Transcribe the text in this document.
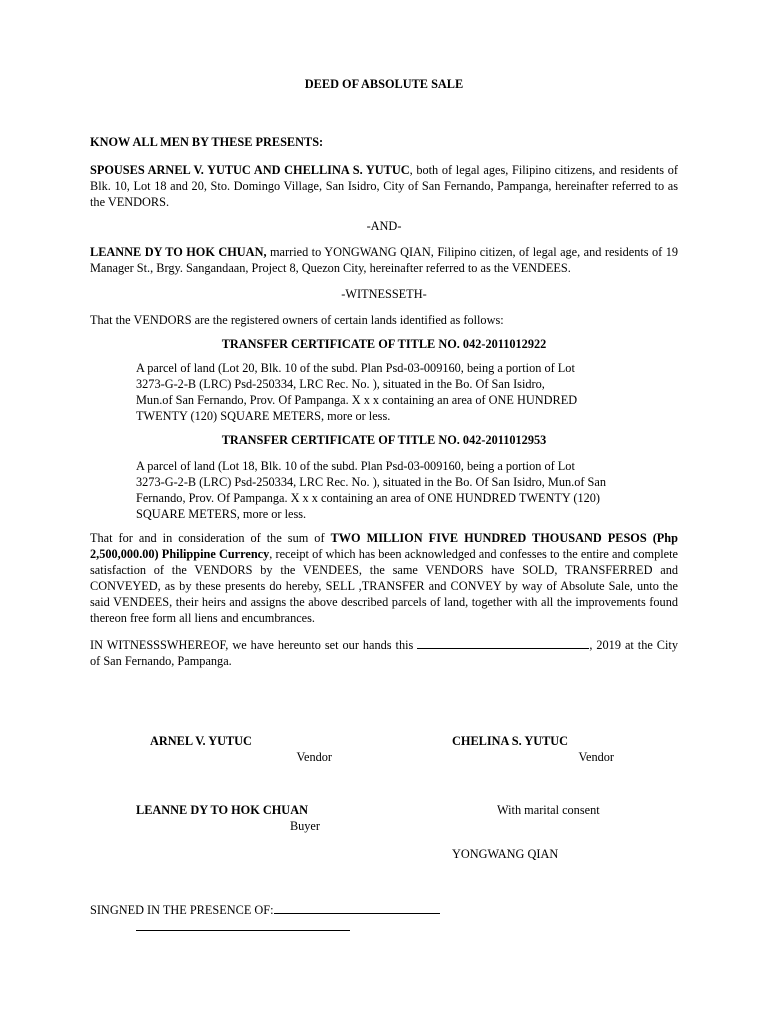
DEED OF ABSOLUTE SALE

KNOW ALL MEN BY THESE PRESENTS:

SPOUSES ARNEL V. YUTUC AND CHELLINA S. YUTUC, both of legal ages, Filipino citizens, and residents of Blk. 10, Lot 18 and 20, Sto. Domingo Village, San Isidro, City of San Fernando, Pampanga, hereinafter referred to as the VENDORS.

-AND-

LEANNE DY TO HOK CHUAN, married to YONGWANG QIAN, Filipino citizen, of legal age, and residents of 19 Manager St., Brgy. Sangandaan, Project 8, Quezon City, hereinafter referred to as the VENDEES.

-WITNESSETH-

That the VENDORS are the registered owners of certain lands identified as follows:

TRANSFER CERTIFICATE OF TITLE NO. 042-2011012922

A parcel of land (Lot 20, Blk. 10 of the subd. Plan Psd-03-009160, being a portion of Lot
3273-G-2-B (LRC) Psd-250334, LRC Rec. No. ), situated in the Bo. Of San Isidro,
Mun.of San Fernando, Prov. Of Pampanga. X x x containing an area of ONE HUNDRED
TWENTY (120) SQUARE METERS, more or less.

TRANSFER CERTIFICATE OF TITLE NO. 042-2011012953

A parcel of land (Lot 18, Blk. 10 of the subd. Plan Psd-03-009160, being a portion of Lot
3273-G-2-B (LRC) Psd-250334, LRC Rec. No. ), situated in the Bo. Of San Isidro, Mun.of San
Fernando, Prov. Of Pampanga. X x x containing an area of ONE HUNDRED TWENTY (120)
SQUARE METERS, more or less.

That for and in consideration of the sum of TWO MILLION FIVE HUNDRED THOUSAND PESOS (Php 2,500,000.00) Philippine Currency, receipt of which has been acknowledged and confesses to the entire and complete satisfaction of the VENDORS by the VENDEES, the same VENDORS have SOLD, TRANSFERRED and CONVEYED, as by these presents do hereby, SELL ,TRANSFER and CONVEY by way of Absolute Sale, unto the said VENDEES, their heirs and assigns the above described parcels of land, together with all the improvements found thereon free form all liens and encumbrances.

IN WITNESSSWHEREOF, we have hereunto set our hands this	, 2019 at the City of San Fernando, Pampanga.

ARNEL V. YUTUC
Vendor
CHELINA S. YUTUC
Vendor
LEANNE DY TO HOK CHUAN
Buyer
With marital consent
YONGWANG QIAN
SINGNED IN THE PRESENCE OF:
